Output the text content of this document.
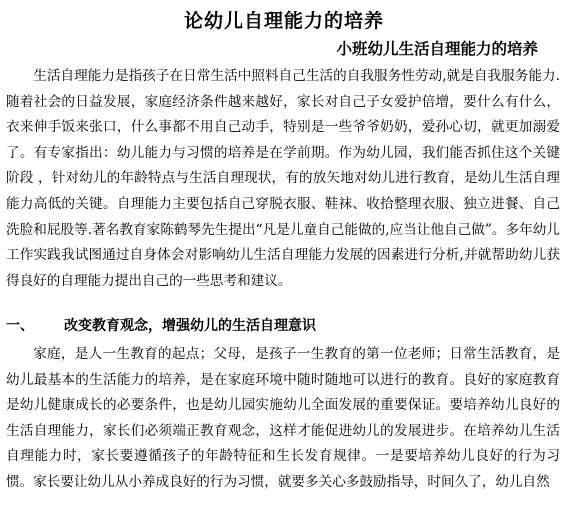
论幼儿自理能力的培养
小班幼儿生活自理能力的培养

生活自理能力是指孩子在日常生活中照料自己生活的自我服务性劳动,就是自我服务能力.随着社会的日益发展，家庭经济条件越来越好，家长对自己子女爱护倍增，要什么有什么，衣来伸手饭来张口，什么事都不用自己动手，特别是一些爷爷奶奶，爱孙心切，就更加溺爱了。有专家指出：幼儿能力与习惯的培养是在学前期。作为幼儿园，我们能否抓住这个关键阶段 ，针对幼儿的年龄特点与生活自理现状，有的放矢地对幼儿进行教育，是幼儿生活自理能力高低的关键。自理能力主要包括自己穿脱衣服、鞋袜、收拾整理衣服、独立进餐、自己洗脸和屁股等.著名教育家陈鹤琴先生提出“凡是儿童自己能做的,应当让他自己做”。多年幼儿工作实践我试图通过自身体会对影响幼儿生活自理能力发展的因素进行分析,并就帮助幼儿获得良好的自理能力提出自己的一些思考和建议。

一、 改变教育观念，增强幼儿的生活自理意识

家庭，是人一生教育的起点；父母，是孩子一生教育的第一位老师；日常生活教育，是幼儿最基本的生活能力的培养，是在家庭环境中随时随地可以进行的教育。良好的家庭教育是幼儿健康成长的必要条件，也是幼儿园实施幼儿全面发展的重要保证。要培养幼儿良好的生活自理能力，家长们必须端正教育观念，这样才能促进幼儿的发展进步。在培养幼儿生活自理能力时，家长要遵循孩子的年龄特征和生长发育规律。一是要培养幼儿良好的行为习惯。家长要让幼儿从小养成良好的行为习惯，就要多关心多鼓励指导，时间久了，幼儿自然
